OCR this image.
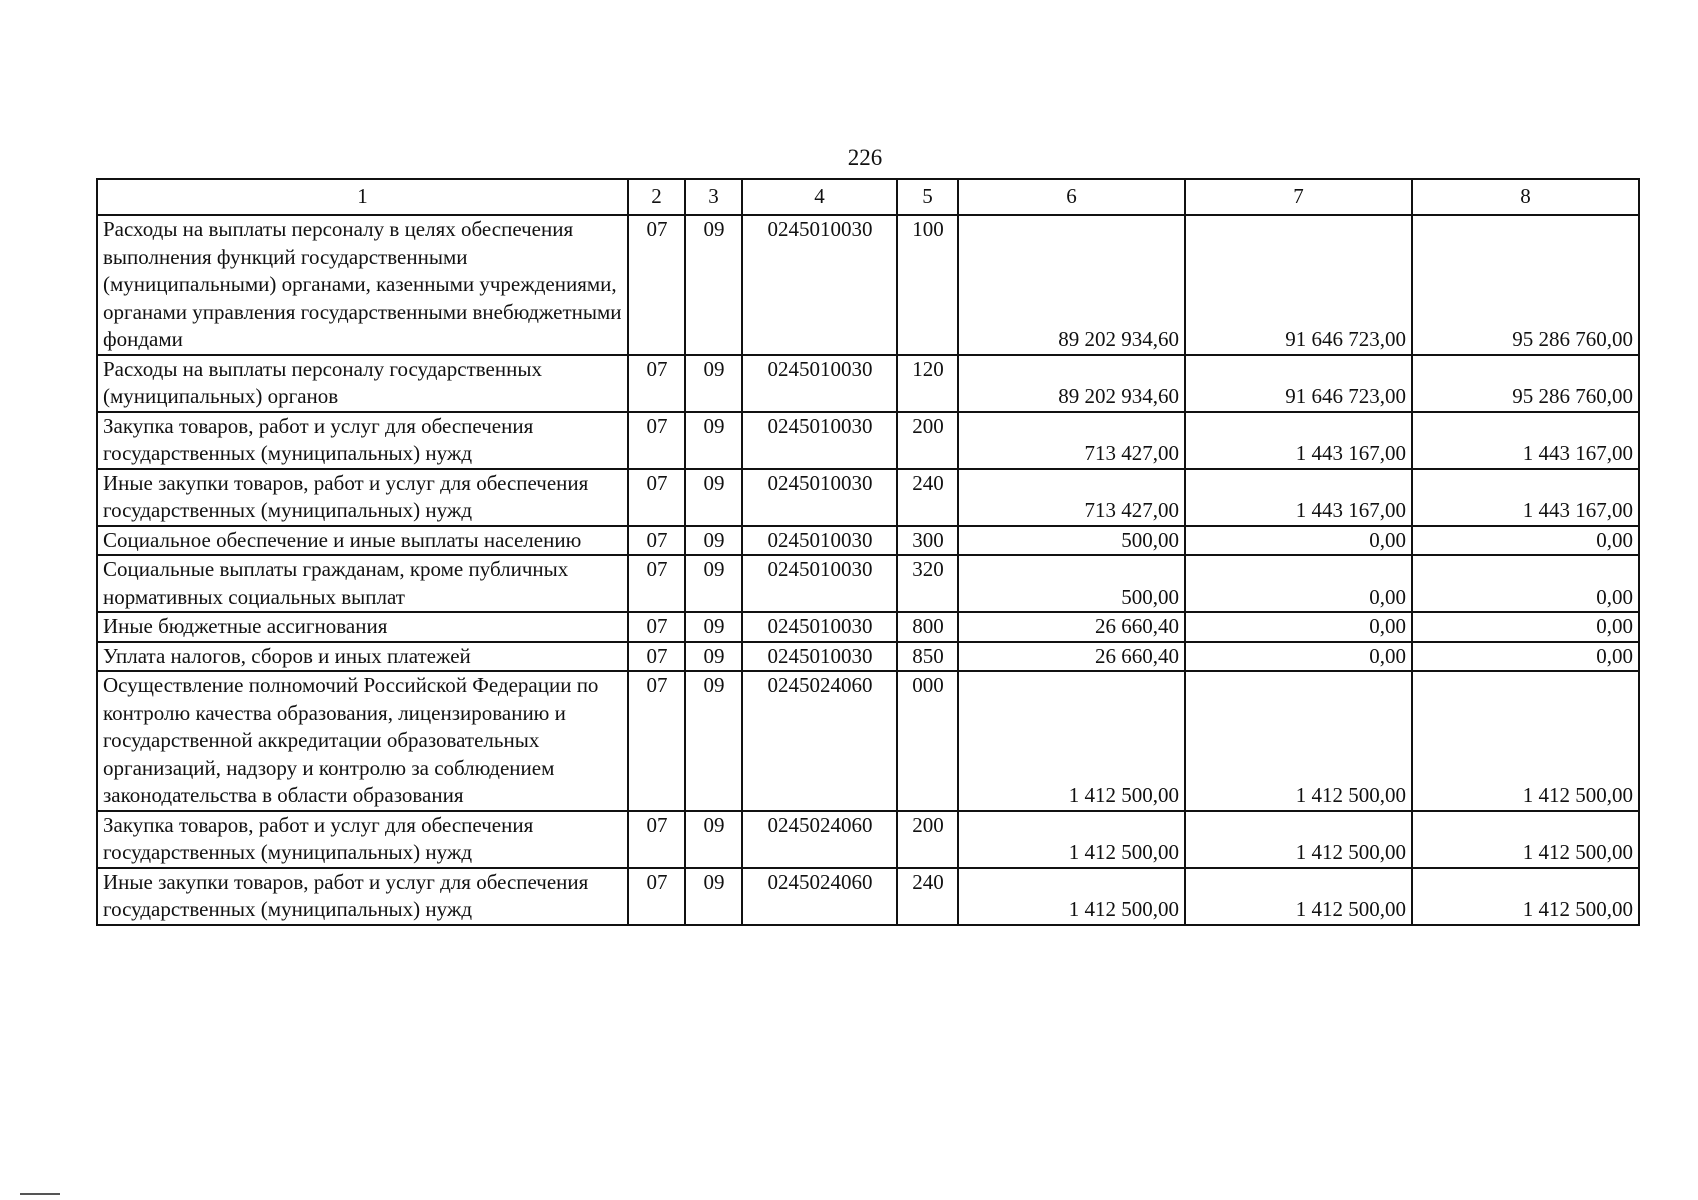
226
1	2	3	4	5	6	7	8
Расходы на выплаты персоналу в целях обеспечения выполнения функций государственными (муниципальными) органами, казенными учреждениями, органами управления государственными внебюджетными фондами	07	09	0245010030	100	89 202 934,60	91 646 723,00	95 286 760,00
Расходы на выплаты персоналу государственных (муниципальных) органов	07	09	0245010030	120	89 202 934,60	91 646 723,00	95 286 760,00
Закупка товаров, работ и услуг для обеспечения государственных (муниципальных) нужд	07	09	0245010030	200	713 427,00	1 443 167,00	1 443 167,00
Иные закупки товаров, работ и услуг для обеспечения государственных (муниципальных) нужд	07	09	0245010030	240	713 427,00	1 443 167,00	1 443 167,00
Социальное обеспечение и иные выплаты населению	07	09	0245010030	300	500,00	0,00	0,00
Социальные выплаты гражданам, кроме публичных нормативных социальных выплат	07	09	0245010030	320	500,00	0,00	0,00
Иные бюджетные ассигнования	07	09	0245010030	800	26 660,40	0,00	0,00
Уплата налогов, сборов и иных платежей	07	09	0245010030	850	26 660,40	0,00	0,00
Осуществление полномочий Российской Федерации по контролю качества образования, лицензированию и государственной аккредитации образовательных организаций, надзору и контролю за соблюдением законодательства в области образования	07	09	0245024060	000	1 412 500,00	1 412 500,00	1 412 500,00
Закупка товаров, работ и услуг для обеспечения государственных (муниципальных) нужд	07	09	0245024060	200	1 412 500,00	1 412 500,00	1 412 500,00
Иные закупки товаров, работ и услуг для обеспечения государственных (муниципальных) нужд	07	09	0245024060	240	1 412 500,00	1 412 500,00	1 412 500,00
